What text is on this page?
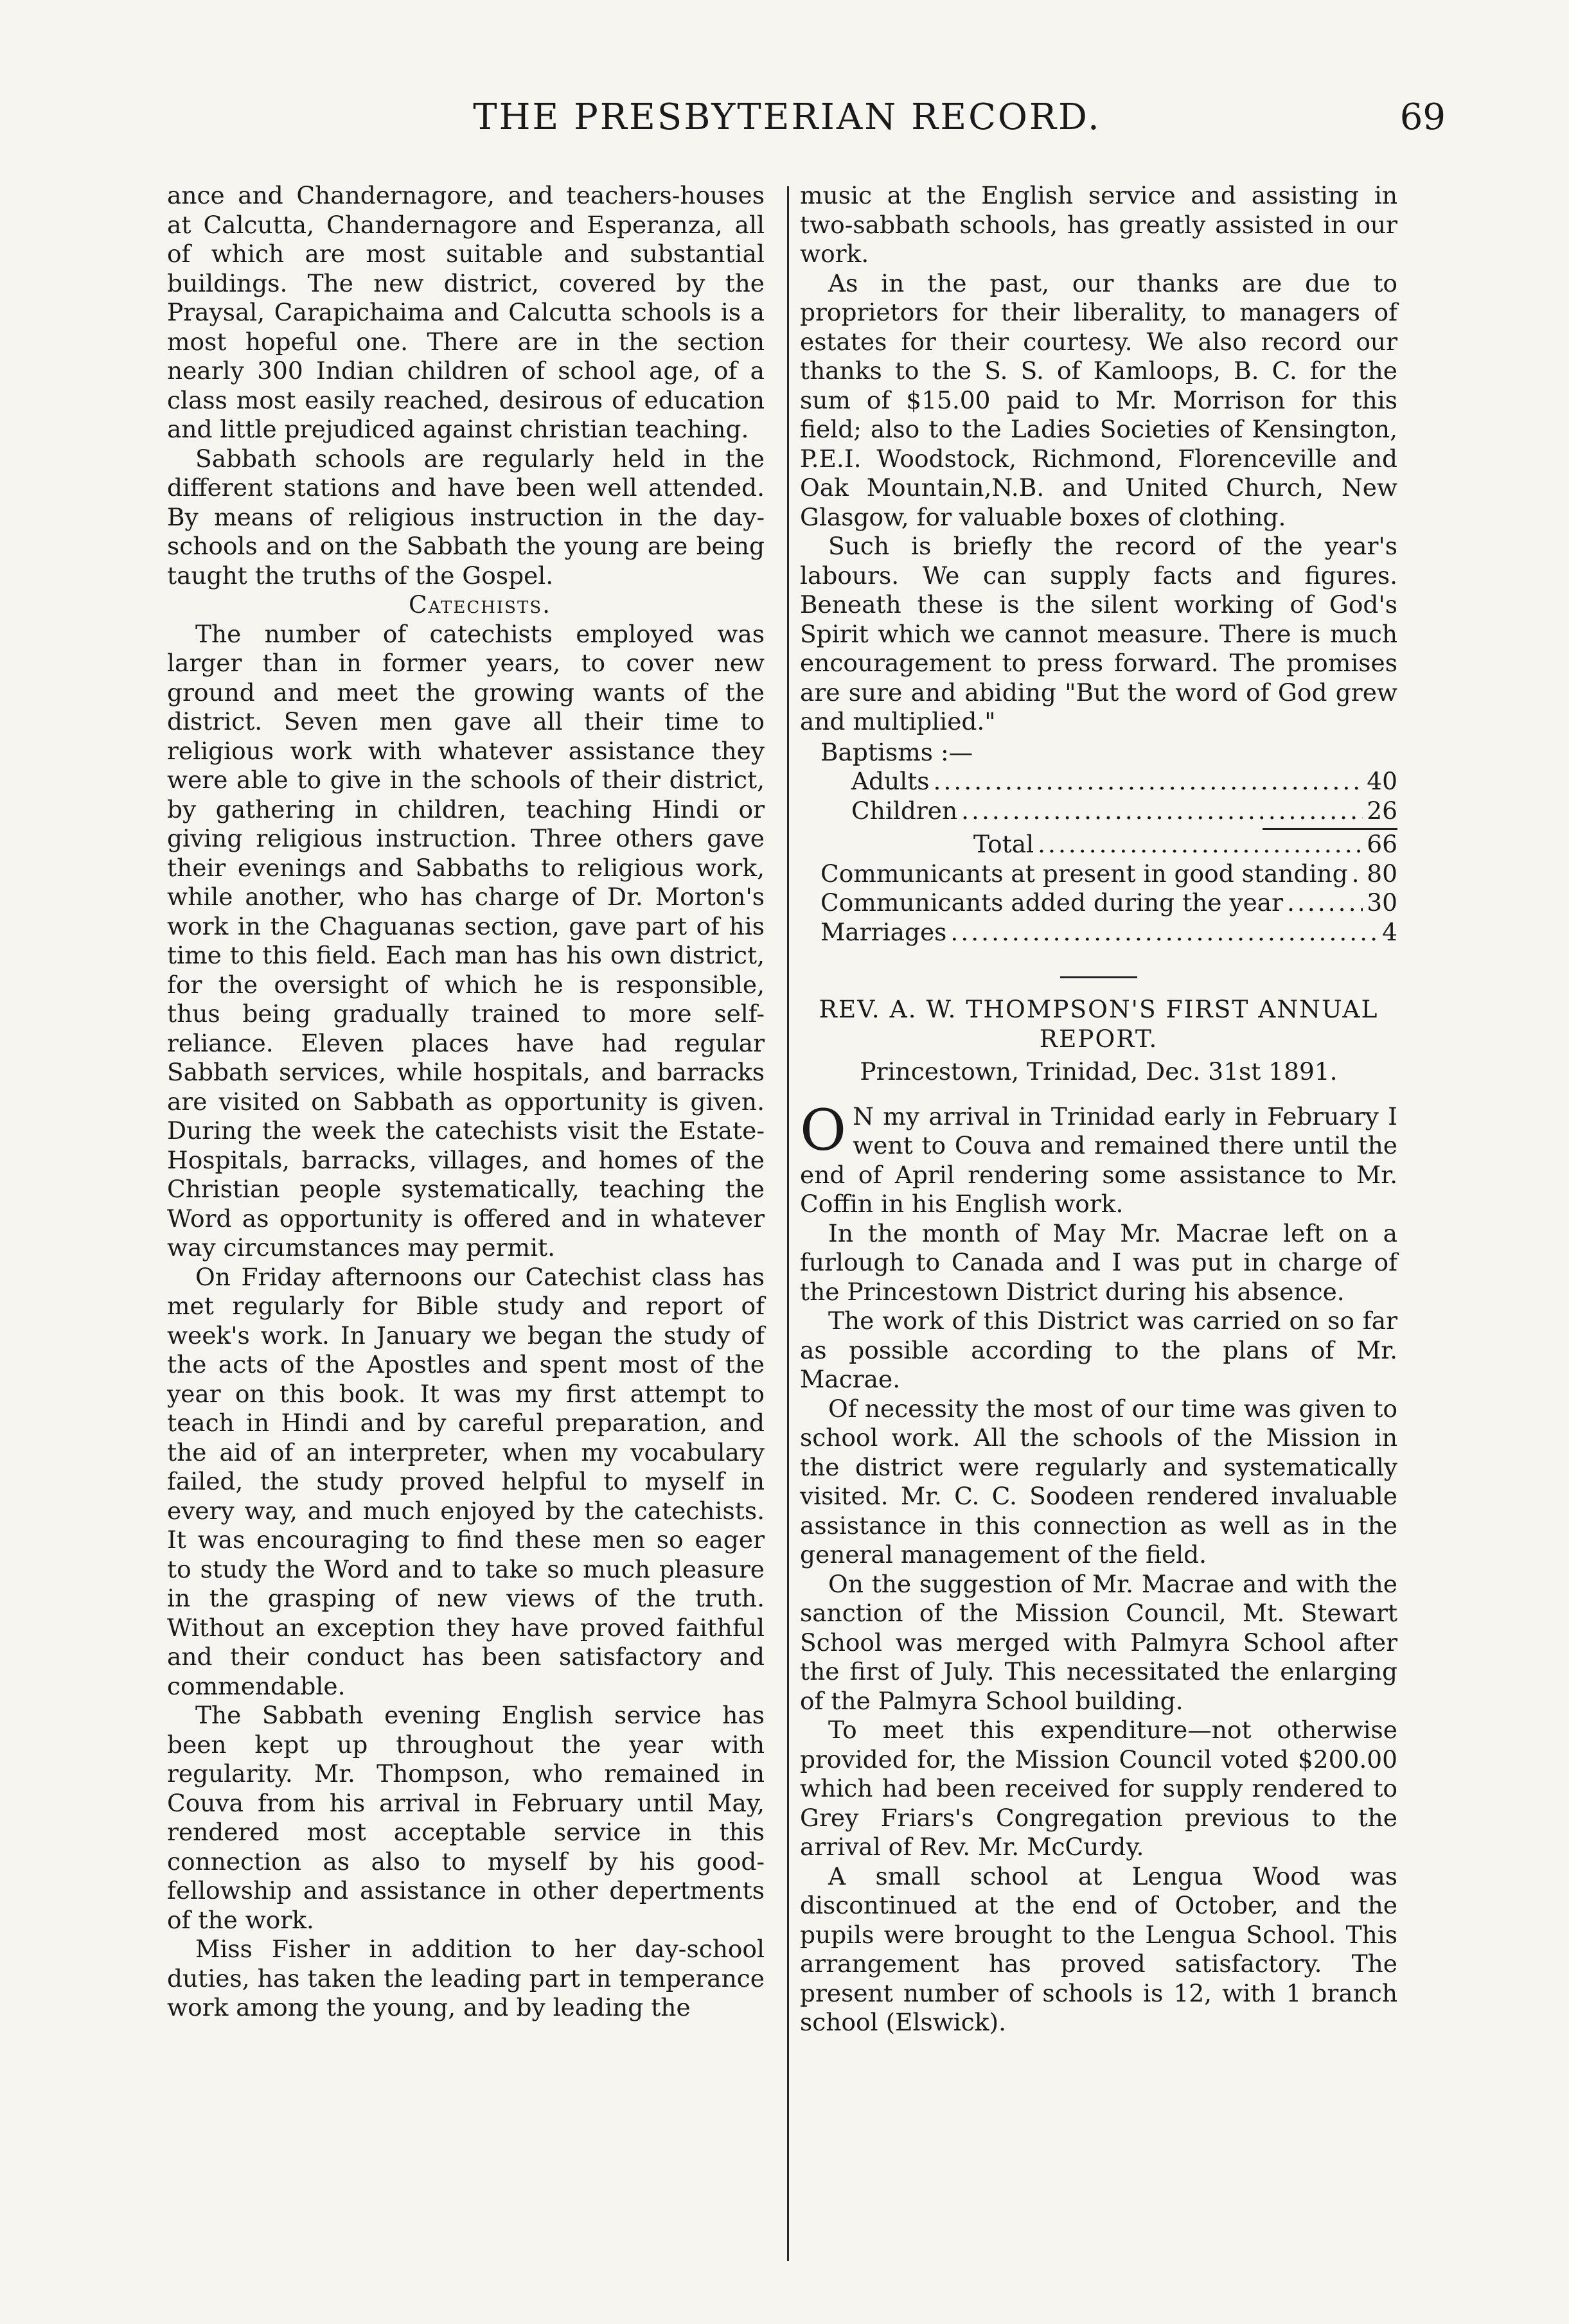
THE PRESBYTERIAN RECORD.	69

ance and Chandernagore, and teachers-houses at Calcutta, Chandernagore and Esperanza, all of which are most suitable and substantial buildings. The new district, covered by the Praysal, Carapichaima and Calcutta schools is a most hopeful one. There are in the section nearly 300 Indian children of school age, of a class most easily reached, desirous of education and little prejudiced against christian teaching.

Sabbath schools are regularly held in the different stations and have been well attended. By means of religious instruction in the day-schools and on the Sabbath the young are being taught the truths of the Gospel.

Catechists.

The number of catechists employed was larger than in former years, to cover new ground and meet the growing wants of the district. Seven men gave all their time to religious work with whatever assistance they were able to give in the schools of their district, by gathering in children, teaching Hindi or giving religious instruction. Three others gave their evenings and Sabbaths to religious work, while another, who has charge of Dr. Morton's work in the Chaguanas section, gave part of his time to this field. Each man has his own district, for the oversight of which he is responsible, thus being gradually trained to more self-reliance. Eleven places have had regular Sabbath services, while hospitals, and barracks are visited on Sabbath as opportunity is given. During the week the catechists visit the Estate-Hospitals, barracks, villages, and homes of the Christian people systematically, teaching the Word as opportunity is offered and in whatever way circumstances may permit.

On Friday afternoons our Catechist class has met regularly for Bible study and report of week's work. In January we began the study of the acts of the Apostles and spent most of the year on this book. It was my first attempt to teach in Hindi and by careful preparation, and the aid of an interpreter, when my vocabulary failed, the study proved helpful to myself in every way, and much enjoyed by the catechists. It was encouraging to find these men so eager to study the Word and to take so much pleasure in the grasping of new views of the truth. Without an exception they have proved faithful and their conduct has been satisfactory and commendable.

The Sabbath evening English service has been kept up throughout the year with regularity. Mr. Thompson, who remained in Couva from his arrival in February until May, rendered most acceptable service in this connection as also to myself by his good-fellowship and assistance in other depertments of the work.

Miss Fisher in addition to her day-school duties, has taken the leading part in temperance work among the young, and by leading the

music at the English service and assisting in two-sabbath schools, has greatly assisted in our work.

As in the past, our thanks are due to proprietors for their liberality, to managers of estates for their courtesy. We also record our thanks to the S. S. of Kamloops, B. C. for the sum of $15.00 paid to Mr. Morrison for this field; also to the Ladies Societies of Kensington, P.E.I. Woodstock, Richmond, Florenceville and Oak Mountain,N.B. and United Church, New Glasgow, for valuable boxes of clothing.

Such is briefly the record of the year's labours. We can supply facts and figures. Beneath these is the silent working of God's Spirit which we cannot measure. There is much encouragement to press forward. The promises are sure and abiding "But the word of God grew and multiplied."

Baptisms :—
Adults .....	40
Children .....	26
Total .....	66
Communicants at present in good standing ..... 80
Communicants added during the year .....	30
Marriages .....	4
REV. A. W. THOMPSON'S FIRST ANNUAL
REPORT.
Princestown, Trinidad, Dec. 31st 1891.

O N my arrival in Trinidad early in February I went to Couva and remained there until the end of April rendering some assistance to Mr. Coffin in his English work.

In the month of May Mr. Macrae left on a furlough to Canada and I was put in charge of the Princestown District during his absence.

The work of this District was carried on so far as possible according to the plans of Mr. Macrae.

Of necessity the most of our time was given to school work. All the schools of the Mission in the district were regularly and systematically visited. Mr. C. C. Soodeen rendered invaluable assistance in this connection as well as in the general management of the field.

On the suggestion of Mr. Macrae and with the sanction of the Mission Council, Mt. Stewart School was merged with Palmyra School after the first of July. This necessitated the enlarging of the Palmyra School building.

To meet this expenditure—not otherwise provided for, the Mission Council voted $200.00 which had been received for supply rendered to Grey Friars's Congregation previous to the arrival of Rev. Mr. McCurdy.

A small school at Lengua Wood was discontinued at the end of October, and the pupils were brought to the Lengua School. This arrangement has proved satisfactory. The present number of schools is 12, with 1 branch school (Elswick).
